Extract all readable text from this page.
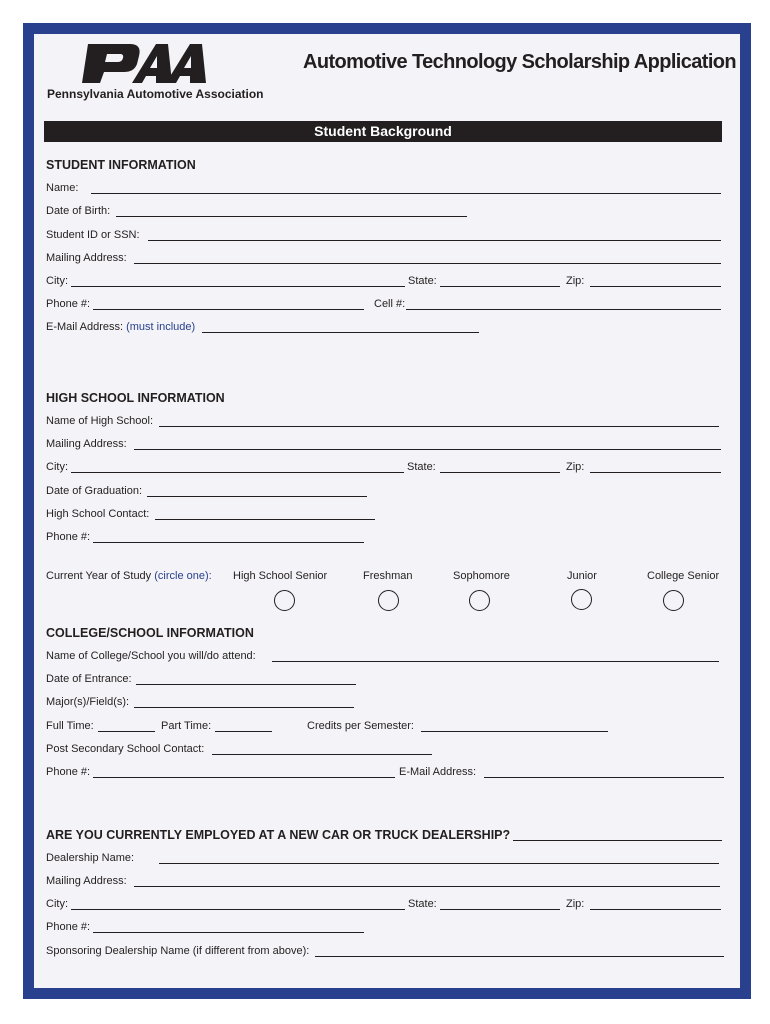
Pennsylvania Automotive Association
Automotive Technology Scholarship Application
Student Background
STUDENT INFORMATION
Name:
Date of Birth:
Student ID or SSN:
Mailing Address:
City:	State:	Zip:
Phone #:	Cell #:
E-Mail Address: (must include)
HIGH SCHOOL INFORMATION
Name of High School:
Mailing Address:
City:	State:	Zip:
Date of Graduation:
High School Contact:
Phone #:
Current Year of Study (circle one): High School Senior	Freshman	Sophomore	Junior	College Senior
COLLEGE/SCHOOL INFORMATION
Name of College/School you will/do attend:
Date of Entrance:
Major(s)/Field(s):
Full Time:	Part Time:	Credits per Semester:
Post Secondary School Contact:
Phone #:	E-Mail Address:
ARE YOU CURRENTLY EMPLOYED AT A NEW CAR OR TRUCK DEALERSHIP?
Dealership Name:
Mailing Address:
City:	State:	Zip:
Phone #:
Sponsoring Dealership Name (if different from above):
